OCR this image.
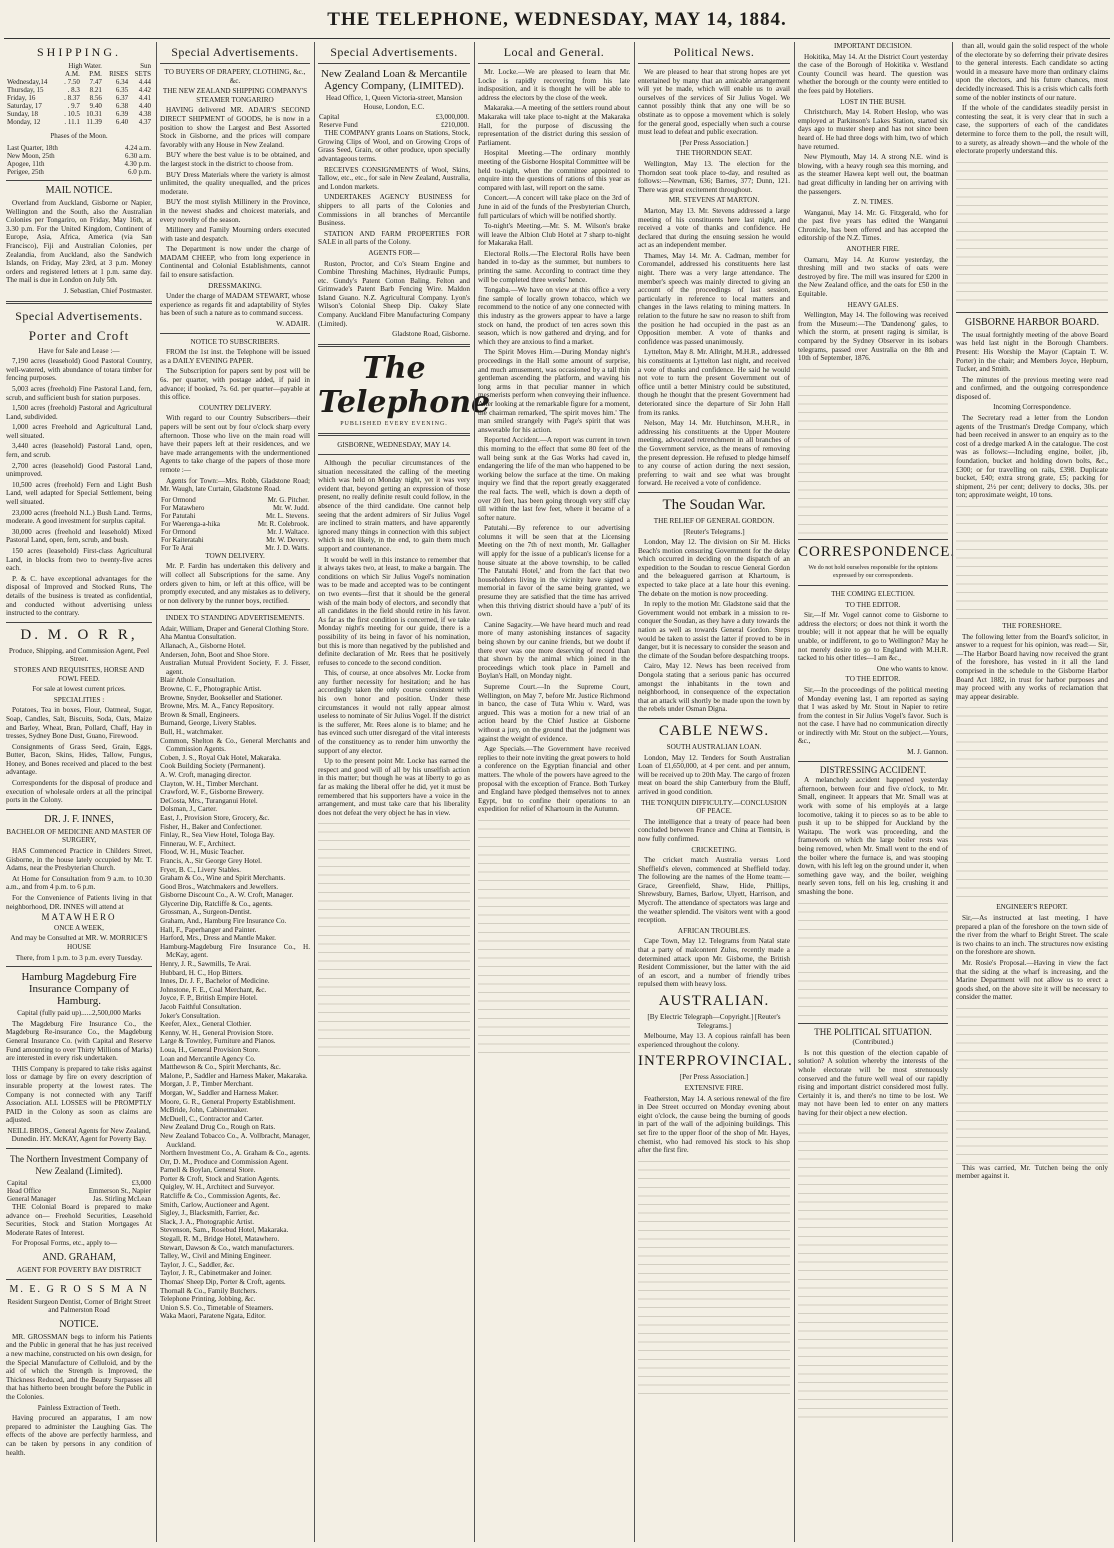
THE TELEPHONE, WEDNESDAY, MAY 14, 1884.
SHIPPING.
	High Water.		Sun	
	A.M.	P.M.	RISES	SETS
Wednesday,14	. 7.50	7.47	6.34	4.44
Thursday, 15	. 8.3	8.21	6.35	4.42
Friday, 16	. 8.37	8.56	6.37	4.41
Saturday, 17	. 9.7	9.40	6.38	4.40
Sunday, 18	. 10.5	10.31	6.39	4.38
Monday, 12	. 11.1	11.39	6.40	4.37
Phases of the Moon.
Last Quarter, 18th	4.24 a.m.
New Moon, 25th	6.30 a.m.
Apogee, 11th	4.30 p.m.
Perigee, 25th	6.0 p.m.
MAIL NOTICE.

Overland from Auckland, Gisborne or Napier, Wellington and the South, also the Australian Colonies per Tongariro, on Friday, May 16th, at 3.30 p.m. For the United Kingdom, Continent of Europe, Asia, Africa, America (via San Francisco), Fiji and Australian Colonies, per Zealandia, from Auckland, also the Sandwich Islands, on Friday, May 23rd, at 3 p.m. Money orders and registered letters at 1 p.m. same day. The mail is due in London on July 5th.

J. Sebastian, Chief Postmaster.

Special Advertisements.
Porter and Croft

Have for Sale and Lease :—

7,190 acres (leasehold) Good Pastoral Country, well-watered, with abundance of totara timber for fencing purposes.

5,003 acres (freehold) Fine Pastoral Land, fern, scrub, and sufficient bush for station purposes.

1,500 acres (freehold) Pastoral and Agricultural Land, subdivided.

1,000 acres Freehold and Agricultural Land, well situated.

3,440 acres (leasehold) Pastoral Land, open, fern, and scrub.

2,700 acres (leasehold) Good Pastoral Land, unimproved.

10,500 acres (freehold) Fern and Light Bush Land, well adapted for Special Settlement, being well situated.

23,000 acres (freehold N.L.) Bush Land. Terms, moderate. A good investment for surplus capital.

30,000 acres (freehold and leasehold) Mixed Pastoral Land, open, fern, scrub, and bush.

150 acres (leasehold) First-class Agricultural Land, in blocks from two to twenty-five acres each.

P. & C. have exceptional advantages for the disposal of Improved and Stocked Runs, The details of the business is treated as confidential, and conducted without advertising unless instructed to the contrary.

D. M. O R R,

Produce, Shipping, and Commission Agent, Peel Street.

STORES AND REQUISITES, HORSE AND FOWL FEED.

For sale at lowest current prices.

SPECIALITIES :

Potatoes, Tea in boxes, Flour, Oatmeal, Sugar, Soap, Candles, Salt, Biscuits, Soda, Oats, Maize and Barley, Wheat, Bran, Pollard, Chaff, Hay in tresses, Sydney Bone Dust, Guano, Firewood.

Consignments of Grass Seed, Grain, Eggs, Butter, Bacon, Skins, Hides, Tallow, Fungus, Honey, and Bones received and placed to the best advantage.

Correspondents for the disposal of produce and execution of wholesale orders at all the principal ports in the Colony.

DR. J. F. INNES,

BACHELOR OF MEDICINE AND MASTER OF SURGERY,

HAS Commenced Practice in Childers Street, Gisborne, in the house lately occupied by Mr. T. Adams, near the Presbyterian Church.

At Home for Consultation from 9 a.m. to 10.30 a.m., and from 4 p.m. to 6 p.m.

For the Convenience of Patients living in that neighborhood, DR. INNES will attend at

MATAWHERO

ONCE A WEEK,

And may be Consulted at MR. W. MORRICE'S HOUSE

There, from 1 p.m. to 3 p.m. every Tuesday.

Hamburg Magdeburg Fire Insurance Company of Hamburg.

Capital (fully paid up)......2,500,000 Marks

The Magdeburg Fire Insurance Co., the Magdeburg Re-insurance Co., the Magdeburg General Insurance Co. (with Capital and Reserve Fund amounting to over Thirty Millions of Marks) are interested in every risk undertaken.

THIS Company is prepared to take risks against loss or damage by fire on every description of insurable property at the lowest rates. The Company is not connected with any Tariff Association. ALL LOSSES will be PROMPTLY PAID in the Colony as soon as claims are adjusted.

NEILL BROS., General Agents for New Zealand, Dunedin. HY. McKAY, Agent for Poverty Bay.

The Northern Investment Company of New Zealand (Limited).
Capital	£3,000
Head Office	Emmerson St., Napier
General Manager	Jas. Stirling McLean

THE Colonial Board is prepared to make advance on— Freehold Securities, Leasehold Securities, Stock and Station Mortgages At Moderate Rates of Interest.

For Proposal Forms, etc., apply to—

AND. GRAHAM,

AGENT FOR POVERTY BAY DISTRICT

M. E. G R O S S M A N

Resident Surgeon Dentist, Corner of Bright Street and Palmerston Road

NOTICE.

MR. GROSSMAN begs to inform his Patients and the Public in general that he has just received a new machine, constructed on his own design, for the Special Manufacture of Celluloid, and by the aid of which the Strength is Improved, the Thickness Reduced, and the Beauty Surpasses all that has hitherto been brought before the Public in the Colonies.

Painless Extraction of Teeth.

Having procured an apparatus, I am now prepared to administer the Laughing Gas. The effects of the above are perfectly harmless, and can be taken by persons in any condition of health.

Special Advertisements.

TO BUYERS OF DRAPERY, CLOTHING, &c., &c.

THE NEW ZEALAND SHIPPING COMPANY'S STEAMER TONGARIRO

HAVING delivered MR. ADAIR'S SECOND DIRECT SHIPMENT of GOODS, he is now in a position to show the Largest and Best Assorted Stock in Gisborne, and the prices will compare favorably with any House in New Zealand.

BUY where the best value is to be obtained, and the largest stock in the district to choose from.

BUY Dress Materials where the variety is almost unlimited, the quality unequalled, and the prices moderate.

BUY the most stylish Millinery in the Province, in the newest shades and choicest materials, and every novelty of the season.

Millinery and Family Mourning orders executed with taste and despatch.

The Department is now under the charge of MADAM CHEEP, who from long experience in Continental and Colonial Establishments, cannot fail to ensure satisfaction.

DRESSMAKING.

Under the charge of MADAM STEWART, whose experience as regards fit and adaptability of Styles has been of such a nature as to command success.

W. ADAIR.

NOTICE TO SUBSCRIBERS.

FROM the 1st inst. the Telephone will be issued as a DAILY EVENING PAPER.

The Subscription for papers sent by post will be 6s. per quarter, with postage added, if paid in advance; if booked, 7s. 6d. per quarter—payable at this office.

COUNTRY DELIVERY.

With regard to our Country Subscribers—their papers will be sent out by four o'clock sharp every afternoon. Those who live on the main road will have their papers left at their residences, and we have made arrangements with the undermentioned Agents to take charge of the papers of those more remote :—

Agents for Town:—Mrs. Robb, Gladstone Road; Mr. Waugh, late Curtain, Gladstone Road.

For Ormond	Mr. G. Pitcher.
For Matawhero	Mr. W. Judd.
For Patutahi	Mr. L. Stevens.
For Waerenga-a-hika	Mr. R. Colebrook.
For Ormond	Mr. J. Waltace.
For Kaiteratahi	Mr. W. Devery.
For Te Arai	Mr. J. D. Watts.

TOWN DELIVERY.

Mr. P. Fardin has undertaken this delivery and will collect all Subscriptions for the same. Any orders given to him, or left at this office, will be promptly executed, and any mistakes as to delivery, or non delivery by the runner boys, rectified.

INDEX TO STANDING ADVERTISEMENTS.

Adair, William, Draper and General Clothing Store.

Aha Mantua Consultation.

Allanach, A., Gisborne Hotel.

Andersen, John, Boot and Shoe Store.

Australian Mutual Provident Society, F. J. Fisser, agent.

Blair Athole Consultation.

Browne, C. F., Photographic Artist.

Browne, Snyder, Bookseller and Stationer.

Browne, Mrs. M. A., Fancy Repository.

Brown & Small, Engineers.

Burnand, George, Livery Stables.

Bull, H., watchmaker.

Common, Shelton & Co., General Merchants and Commission Agents.

Coben, J. S., Royal Oak Hotel, Makaraka.

Cook Building Society (Permanent).

A. W. Croft, managing director.

Clayton, W. H., Timber Merchant.

Crawford, W. F., Gisborne Brewery.

DeCosta, Mrs., Turanganui Hotel.

Dolsman, J., Carter.

East, J., Provision Store, Grocery, &c.

Fisher, H., Baker and Confectioner.

Finlay, R., Sea View Hotel, Tologa Bay.

Finnerau, W. F., Architect.

Flood, W. H., Music Teacher.

Francis, A., Sir George Grey Hotel.

Fryer, B. C., Livery Stables.

Graham & Co., Wine and Spirit Merchants.

Good Bros., Watchmakers and Jewellers.

Gisborne Discount Co., A. W. Croft, Manager.

Glycerine Dip, Ratcliffe & Co., agents.

Grossman, A., Surgeon-Dentist.

Graham, And., Hamburg Fire Insurance Co.

Hall, F., Paperhanger and Painter.

Harford, Mrs., Dress and Mantle Maker.

Hamburg-Magdeburg Fire Insurance Co., H. McKay, agent.

Henry, J. R., Sawmills, Te Arai.

Hubbard, H. C., Hop Bitters.

Innes, Dr. J. F., Bachelor of Medicine.

Johnstone, F. E., Coal Merchant, &c.

Joyce, F. P., British Empire Hotel.

Jacob Faithful Consultation.

Joker's Consultation.

Keefer, Alex., General Clothier.

Kenny, W. H., General Provision Store.

Large & Townley, Furniture and Pianos.

Loua, H., General Provision Store.

Loan and Mercantile Agency Co.

Matthewson & Co., Spirit Merchants, &c.

Malone, P., Saddler and Harness Maker, Makaraka.

Morgan, J. P., Timber Merchant.

Morgan, W., Saddler and Harness Maker.

Moore, G. R., General Property Establishment.

McBride, John, Cabinetmaker.

McDuell, C., Contractor and Carter.

New Zealand Drug Co., Rough on Rats.

New Zealand Tobacco Co., A. Vollbracht, Manager, Auckland.

Northern Investment Co., A. Graham & Co., agents.

Orr, D. M., Produce and Commission Agent.

Parnell & Boylan, General Store.

Porter & Croft, Stock and Station Agents.

Quigley, W. H., Architect and Surveyor.

Ratcliffe & Co., Commission Agents, &c.

Smith, Carlow, Auctioneer and Agent.

Sigley, J., Blacksmith, Farrier, &c.

Slack, J. A., Photographic Artist.

Stevenson, Sam., Rosebud Hotel, Makaraka.

Stegall, R. M., Bridge Hotel, Matawhero.

Stewart, Dawson & Co., watch manufacturers.

Talley, W., Civil and Mining Engineer.

Taylor, J. C., Saddler, &c.

Taylor, J. R., Cabinetmaker and Joiner.

Thomas' Sheep Dip, Porter & Croft, agents.

Thornall & Co., Family Butchers.

Telephone Printing, Jobbing, &c.

Union S.S. Co., Timetable of Steamers.

Waka Maori, Paratene Ngata, Editor.

Special Advertisements.
New Zealand Loan & Mercantile Agency Company, (LIMITED).

Head Office, 1, Queen Victoria-street, Mansion House, London, E.C.

Capital	£3,000,000.
Reserve Fund	£210,000.

THE COMPANY grants Loans on Stations, Stock, Growing Clips of Wool, and on Growing Crops of Grass Seed, Grain, or other produce, upon specially advantageous terms.

RECEIVES CONSIGNMENTS of Wool, Skins, Tallow, etc., etc., for sale in New Zealand, Australia, and London markets.

UNDERTAKES AGENCY BUSINESS for shippers to all parts of the Colonies and Commissions in all branches of Mercantile Business.

STATION AND FARM PROPERTIES FOR SALE in all parts of the Colony.

AGENTS FOR—

Ruston, Proctor, and Co's Steam Engine and Combine Threshing Machines, Hydraulic Pumps, etc. Gundy's Patent Cotton Baling. Felton and Grimwade's Patent Barb Fencing Wire. Maldon Island Guano. N.Z. Agricultural Company. Lyon's Wilson's Colonial Sheep Dip. Oakey Slate Company. Auckland Fibre Manufacturing Company (Limited).

Gladstone Road, Gisborne.

The Telephone

PUBLISHED EVERY EVENING.

GISBORNE, WEDNESDAY, MAY 14.

Although the peculiar circumstances of the situation necessitated the calling of the meeting which was held on Monday night, yet it was very evident that, beyond getting an expression of those present, no really definite result could follow, in the absence of the third candidate. One cannot help seeing that the ardent admirers of Sir Julius Vogel are inclined to strain matters, and have apparently ignored many things in connection with this subject which is not likely, in the end, to gain them much support and countenance.

It would be well in this instance to remember that it always takes two, at least, to make a bargain. The conditions on which Sir Julius Vogel's nomination was to be made and accepted was to be contingent on two events—first that it should be the general wish of the main body of electors, and secondly that all candidates in the field should retire in his favor. As far as the first condition is concerned, if we take Monday night's meeting for our guide, there is a possibility of its being in favor of his nomination, but this is more than negatived by the published and definite declaration of Mr. Rees that he positively refuses to concede to the second condition.

This, of course, at once absolves Mr. Locke from any further necessity for hesitation; and he has accordingly taken the only course consistent with his own honor and position. Under these circumstances it would not rally appear almost useless to nominate of Sir Julius Vogel. If the district is the sufferer, Mr. Rees alone is to blame; and he has evinced such utter disregard of the vital interests of the constituency as to render him unworthy the support of any elector.

Up to the present point Mr. Locke has earned the respect and good will of all by his unselfish action in this matter; but though he was at liberty to go as far as making the liberal offer he did, yet it must be remembered that his supporters have a voice in the arrangement, and must take care that his liberality does not defeat the very object he has in view.

Local and General.

Mr. Locke.—We are pleased to learn that Mr. Locke is rapidly recovering from his late indisposition, and it is thought he will be able to address the electors by the close of the week.

Makaraka.—A meeting of the settlers round about Makaraka will take place to-night at the Makaraka Hall, for the purpose of discussing the representation of the district during this session of Parliament.

Hospital Meeting.—The ordinary monthly meeting of the Gisborne Hospital Committee will be held to-night, when the committee appointed to enquire into the questions of rations of this year as compared with last, will report on the same.

Concert.—A concert will take place on the 3rd of June in aid of the funds of the Presbyterian Church, full particulars of which will be notified shortly.

To-night's Meeting.—Mr. S. M. Wilson's brake will leave the Albion Club Hotel at 7 sharp to-night for Makaraka Hall.

Electoral Rolls.—The Electoral Rolls have been handed in to-day as the summer, but numbers to printing the same. According to contract time they will be completed three weeks' hence.

Tongaba.—We have on view at this office a very fine sample of locally grown tobacco, which we recommend to the notice of any one connected with this industry as the growers appear to have a large stock on hand, the product of ten acres sown this season, which is now gathered and drying, and for which they are anxious to find a market.

The Spirit Moves Him.—During Monday night's proceedings in the Hall some amount of surprise, and much amusement, was occasioned by a tall thin gentleman ascending the platform, and waving his long arms in that peculiar manner in which mesmerists perform when conveying their influence. After looking at the remarkable figure for a moment, the chairman remarked, 'The spirit moves him.' The man smiled strangely with Page's spirit that was answerable for his action.

Reported Accident.—A report was current in town this morning to the effect that some 80 feet of the wall being sunk at the Gas Works had caved in, endangering the life of the man who happened to be working below the surface at the time. On making inquiry we find that the report greatly exaggerated the real facts. The well, which is down a depth of over 20 feet, has been going through very stiff clay till within the last few feet, where it became of a softer nature.

Patutahi.—By reference to our advertising columns it will be seen that at the Licensing Meeting on the 7th of next month, Mr. Gallagher will apply for the issue of a publican's license for a house situate at the above township, to be called 'The Patutahi Hotel,' and from the fact that two householders living in the vicinity have signed a memorial in favor of the same being granted, we presume they are satisfied that the time has arrived when this thriving district should have a 'pub' of its own.

Canine Sagacity.—We have heard much and read more of many astonishing instances of sagacity being shown by our canine friends, but we doubt if there ever was one more deserving of record than that shown by the animal which joined in the proceedings which took place in Parnell and Boylan's Hall, on Monday night.

Supreme Court.—In the Supreme Court, Wellington, on May 7, before Mr. Justice Richmond in banco, the case of Tuta Whiu v. Ward, was argued. This was a motion for a new trial of an action heard by the Chief Justice at Gisborne without a jury, on the ground that the judgment was against the weight of evidence.

Age Specials.—The Government have received replies to their note inviting the great powers to hold a conference on the Egyptian financial and other matters. The whole of the powers have agreed to the proposal with the exception of France. Both Turkey and England have pledged themselves not to annex Egypt, but to confine their operations to an expedition for relief of Khartoum in the Autumn.

Political News.

We are pleased to hear that strong hopes are yet entertained by many that an amicable arrangement will yet be made, which will enable us to avail ourselves of the services of Sir Julius Vogel. We cannot possibly think that any one will be so obstinate as to oppose a movement which is solely for the general good, especially when such a course must lead to defeat and public execration.

[Per Press Association.]

THE THORNDON SEAT.

Wellington, May 13. The election for the Thorndon seat took place to-day, and resulted as follows:—Newman, 636; Barnes, 377; Dunn, 121. There was great excitement throughout.

MR. STEVENS AT MARTON.

Marton, May 13. Mr. Stevens addressed a large meeting of his constituents here last night, and received a vote of thanks and confidence. He declared that during the ensuing session he would act as an independent member.

Thames, May 14. Mr. A. Cadman, member for Coromandel, addressed his constituents here last night. There was a very large attendance. The member's speech was mainly directed to giving an account of the proceedings of last session, particularly in reference to local matters and changes in the laws relating to mining matters. In relation to the future he saw no reason to shift from the position he had occupied in the past as an Opposition member. A vote of thanks and confidence was passed unanimously.

Lyttelton, May 8. Mr. Allright, M.H.R., addressed his constituents at Lyttelton last night, and received a vote of thanks and confidence. He said he would not vote to turn the present Government out of office until a better Ministry could be substituted, though he thought that the present Government had deteriorated since the departure of Sir John Hall from its ranks.

Nelson, May 14. Mr. Hutchinson, M.H.R., in addressing his constituents at the Upper Moutere meeting, advocated retrenchment in all branches of the Government service, as the means of removing the present depression. He refused to pledge himself to any course of action during the next session, preferring to wait and see what was brought forward. He received a vote of confidence.

The Soudan War.

THE RELIEF OF GENERAL GORDON.

[Reuter's Telegrams.]

London, May 12. The division on Sir M. Hicks Beach's motion censuring Government for the delay which occurred in deciding on the dispatch of an expedition to the Soudan to rescue General Gordon and the beleaguered garrison at Khartoum, is expected to take place at a late hour this evening. The debate on the motion is now proceeding.

In reply to the motion Mr. Gladstone said that the Government would not embark in a mission to re-conquer the Soudan, as they have a duty towards the nation as well as towards General Gordon. Steps would be taken to assist the latter if proved to be in danger, but it is necessary to consider the season and the climate of the Soudan before despatching troops.

Cairo, May 12. News has been received from Dongola stating that a serious panic has occurred amongst the inhabitants in the town and neighborhood, in consequence of the expectation that an attack will shortly be made upon the town by the rebels under Osman Digna.

CABLE NEWS.

SOUTH AUSTRALIAN LOAN.

London, May 12. Tenders for South Australian Loan of £1,650,000, at 4 per cent. and per annum, will be received up to 20th May. The cargo of frozen meat on board the ship Canterbury from the Bluff, arrived in good condition.

THE TONQUIN DIFFICULTY.—CONCLUSION OF PEACE.

The intelligence that a treaty of peace had been concluded between France and China at Tientsin, is now fully confirmed.

CRICKETING.

The cricket match Australia versus Lord Sheffield's eleven, commenced at Sheffield today. The following are the names of the Home team:—Grace, Greenfield, Shaw, Hide, Phillips, Shrewsbury, Barnes, Barlow, Ulyett, Harrison, and Mycroft. The attendance of spectators was large and the weather splendid. The visitors went with a good reception.

AFRICAN TROUBLES.

Cape Town, May 12. Telegrams from Natal state that a party of malcontent Zulus, recently made a determined attack upon Mr. Gisborne, the British Resident Commissioner, but the latter with the aid of an escort, and a number of friendly tribes repulsed them with heavy loss.

AUSTRALIAN.

[By Electric Telegraph—Copyright.] [Reuter's Telegrams.]

Melbourne, May 13. A copious rainfall has been experienced throughout the colony.

INTERPROVINCIAL.

[Per Press Association.]

EXTENSIVE FIRE.

Featherston, May 14. A serious renewal of the fire in Dee Street occurred on Monday evening about eight o'clock, the cause being the burning of goods in part of the wall of the adjoining buildings. This set fire to the upper floor of the shop of Mr. Hayes, chemist, who had removed his stock to his shop after the first fire.

IMPORTANT DECISION.

Hokitika, May 14. At the District Court yesterday the case of the Borough of Hokitika v. Westland County Council was heard. The question was whether the borough or the county were entitled to the fees paid by Hoteliers.

LOST IN THE BUSH.

Christchurch, May 14. Robert Heslop, who was employed at Parkinson's Lakes Station, started six days ago to muster sheep and has not since been heard of. He had three dogs with him, two of which have returned.

New Plymouth, May 14. A strong N.E. wind is blowing, with a heavy rough sea this morning, and as the steamer Hawea kept well out, the boatman had great difficulty in landing her on arriving with the passengers.

Z. N. TIMES.

Wanganui, May 14. Mr. G. Fitzgerald, who for the past five years has edited the Wanganui Chronicle, has been offered and has accepted the editorship of the N.Z. Times.

ANOTHER FIRE.

Oamaru, May 14. At Kurow yesterday, the threshing mill and two stacks of oats were destroyed by fire. The mill was insured for £200 in the New Zealand office, and the oats for £50 in the Equitable.

HEAVY GALES.

Wellington, May 14. The following was received from the Museum:—The 'Dandenong' gales, to which the storm, at present raging is similar, is compared by the Sydney Observer in its isobars telegrams, passed over Australia on the 8th and 10th of September, 1876.

CORRESPONDENCE.

We do not hold ourselves responsible for the opinions expressed by our correspondents.

THE COMING ELECTION.

TO THE EDITOR.

Sir,—If Mr. Vogel cannot come to Gisborne to address the electors; or does not think it worth the trouble; will it not appear that he will be equally unable, or indifferent, to go to Wellington? May he not merely desire to go to England with M.H.R. tacked to his other titles—I am &c.,

One who wants to know.

TO THE EDITOR.

Sir,—In the proceedings of the political meeting of Monday evening last, I am reported as saying that I was asked by Mr. Stout in Napier to retire from the contest in Sir Julius Vogel's favor. Such is not the case. I have had no communication directly or indirectly with Mr. Stout on the subject.—Yours, &c.,

M. J. Gannon.

DISTRESSING ACCIDENT.

A melancholy accident happened yesterday afternoon, between four and five o'clock, to Mr. Small, engineer. It appears that Mr. Small was at work with some of his employés at a large locomotive, taking it to pieces so as to be able to push it up to be shipped for Auckland by the Waitapu. The work was proceeding, and the framework on which the large boiler rests was being removed, when Mr. Small went to the end of the boiler where the furnace is, and was stooping down, with his left leg on the ground under it, when something gave way, and the boiler, weighing nearly seven tons, fell on his leg, crushing it and smashing the bone.

THE POLITICAL SITUATION.

(Contributed.)

Is not this question of the election capable of solution? A solution whereby the interests of the whole electorate will be most strenuously conserved and the future well weal of our rapidly rising and important district considered most fully. Certainly it is, and there's no time to be lost. We may not have been led to enter on any matters having for their object a new election.

than all, would gain the solid respect of the whole of the electorate by so deferring their private desires to the general interests. Each candidate so acting would in a measure have more than ordinary claims upon the electors, and his future chances, most decidedly increased. This is a crisis which calls forth some of the nobler instincts of our nature.

If the whole of the candidates steadily persist in contesting the seat, it is very clear that in such a case, the supporters of each of the candidates determine to force them to the poll, the result will, to a surety, as already shown—and the whole of the electorate properly understand this.

GISBORNE HARBOR BOARD.

The usual fortnightly meeting of the above Board was held last night in the Borough Chambers. Present: His Worship the Mayor (Captain T. W. Porter) in the chair; and Members Joyce, Hepburn, Tucker, and Smith.

The minutes of the previous meeting were read and confirmed, and the outgoing correspondence disposed of.

Incoming Correspondence.

The Secretary read a letter from the London agents of the Trustman's Dredge Company, which had been received in answer to an enquiry as to the cost of a dredge marked A in the catalogue. The cost was as follows:—Including engine, boiler, jib, foundation, bucket and holding down bolts, &c., £300; or for travelling on rails, £398. Duplicate bucket, £40; extra strong grate, £5; packing for shipment, 2½ per cent; delivery to docks, 30s. per ton; approximate weight, 10 tons.

THE FORESHORE.

The following letter from the Board's solicitor, in answer to a request for his opinion, was read:— Sir,—The Harbor Board having now received the grant of the foreshore, has vested in it all the land comprised in the schedule to the Gisborne Harbor Board Act 1882, in trust for harbor purposes and may proceed with any works of reclamation that may appear desirable.

ENGINEER'S REPORT.

Sir,—As instructed at last meeting, I have prepared a plan of the foreshore on the town side of the river from the wharf to Bright Street. The scale is two chains to an inch. The structures now existing on the foreshore are shown.

Mr. Rosie's Proposal.—Having in view the fact that the siding at the wharf is increasing, and the Marine Department will not allow us to erect a goods shed, on the above site it will be necessary to consider the matter.

This was carried, Mr. Tutchen being the only member against it.
